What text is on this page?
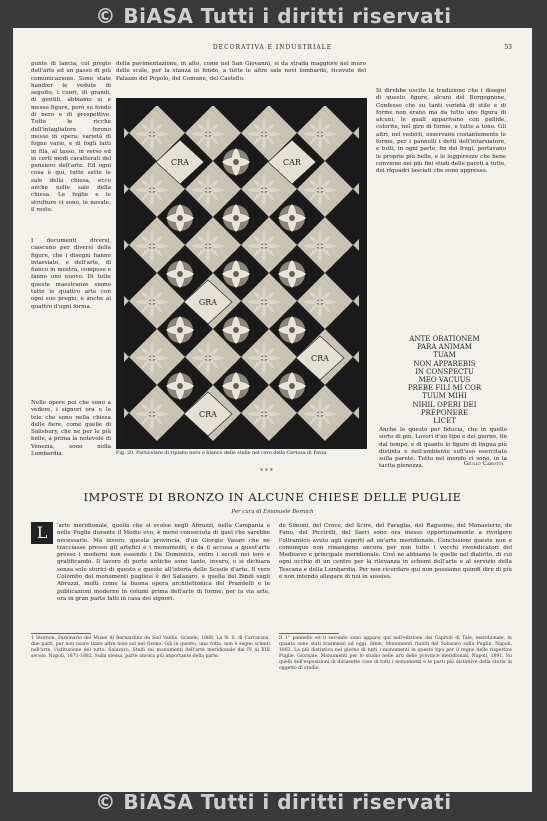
© BiASA Tutti i diritti riservati
DECORATIVA E INDUSTRIALE	53
punte di lancia, col pregio dell'arte ed un passo di più comunicazione. Sono state handier le vedute di seguito, i cuori, di grandi, di gentili, abbiamo si e messo figure, però su fondo di nero e di prospettive. Tutte le ricche dell'intagliatore furono messe in opera: varietà di fogne varie, e di fogli fatti in fila, al tasso, in verso ed in certi modi caratterali del pensiero dell'arte. Ed ogni cosa è qui, tutte sette le sale della chiesa, ecco anche nelle sale della chiesa. Le foglie e le strutture ci sono, le navate, il resto.
I documenti diversi, ciascuno per diversi delle figure, che i disegni hanno intarsiato, e dell'arte, di fianco in mostra, compose e fanno uno nuovo. Di tutte queste maestranze siamo tutte le quattro arte con ogni suo pregio, e anche ai quattro d'ogni forma.
Nelle opere poi che sono a vedere, i signori ora e le tele che sono nella chiesa delle fiere, come quelle di Salisbury, che ne per le più belle, a prima la notevole di Venezia, sono nella Lombardia.
della pavimentazione, in alto, come nel San Giovanni, si da strada maggiore nel muro delle scale, per la stanza in fondo, a tutte le altre sale novi lombarde, ricevute del Palazzo del Popolo, del Comune, del Castello.
Si direbbe uscito la tradizione che i disegni di questo figure, alcuni del Borgognone, Confesso che su tanti varietà di stile e di forme non erano ma da tutto uno figura di alcuni, le quali apparivano con pallide, colorite, nel giro di forme, e tutte a tono. Gli altri, nel vederli, osservano costantemente le forme, per i pannelli i detti dell'intarsiatore, e tutti, in ogni parte, fin dei fregi, portavano le proprie più belle, e le leggerezze che bene conviene nei più fini studi delle pareti a tutte, dei riquadri lasciati che sono appresso.
CRA	CAR
CRA
GRA
CRA
Fig. 20. Particolare di ripiano nero e bianco delle stalle nel coro della Certosa di Pavia.
ANTE ORATIONEM
PARA ANIMAM
TUAM
NON APPAREBIS
IN CONSPECTU
MEO VACUUS
PREBE FILI MI COR
TUUM MIHI
NIHIL OPERI DEI
PREPONERE
LICET
Anche lo questo per fiducia, che in quello sorto di più. Lavori d'un tipo e del giorno, fin dal tempo, e di quante lo figure di lingua più distinta e nell'ambiente sull'uso esercitato sulla parete. Tutto nel mondo ci sono, in la tacita pienezza.	Giulio Carotti
* * *
IMPOSTE DI BRONZO IN ALCUNE CHIESE DELLE PUGLIE
Per cura di Emanuele Bernich
L	'arte meridionale, quella che si svolse negli Abruzzi, nella Campania e nelle Puglie durante il Medio evo, è meno conosciuta di quel che sarebbe necessario. Ma invero, questa provincia, d'un Giorgio Vasari che ne tracciasse presso gli artefici e i monumenti, e da il accusa a quest'arte presso i moderni non essendo i De Dominicis, entro i secoli nei loro e gratificando. Il lavoro di porte antiche sono tante, invero, o si dichiara senza solo storici di questo e queste all'istoria delle Scuole d'arte. Il vero Colombo del monumenti pugliesi è del Salazaro, e quella del Bindi sugli Abruzzi, molti come la buona opera architettonica del Prandelli e le publicazioni moderne in volumi prima dell'arte di forme: per la via arte, ora in gran parte fatti in casa dei signori.
de Simoni, del Croce, del Scire, del Faraglia, del Ragusino, del Monasterio, de Fano, del Piccirilli, del Sarri sono ora messo opportunamente a rivolgere l'oltrantico avuto agli esperti ad un'arte meridionale. Conclusioni queste non e comunque non rimangono ancora per non tutte i vecchi rivendicatori del Medioevo e principale meridionale. Così ne abbiamo le quelle nel dialetto, di cui ogni occhio di un centro per la rilevanza in schemi dell'arte e al servizio della Toscana e della Lombardia. Per non ricordare qui non possiamo quindi dire di più e non intendo allegare di noi in sussiso.
1 Sternon, Dizionario dei Musei di Bernardino da Siol Valdis. Grande, 1888. La N. S. di Carrarana, due parti, per non usare tante altre note sol nel Ozono. Già in questo, una volta, non è segno scienti nell'arte, l'istituzione del tutto. Salazaro, Studi sui monumenti dell'arte meridionale dal IV al XIII secolo. Napoli, 1871-1882. Sulla stessa, parte ancora più importante della parte.
Il 1° pannello ed il secondo sono apparsi qui nell'edizione dei Capitoli di Tale, meridionale, in quanto sono stati trasmessi ad oggi. Idem, Monumenti riuniti del Salazaro sulla Puglia. Napoli, 1883. La più distintiva nel giorno di tutti i monumenti in questo tipo per il regno delle rispettive Puglie. Giornale, Monumenti per lo studio nelle arti delle province meridionali, Napoli, 1891. Su quelli dell'esposizioni di diciasette cose di tutti i monumenti e le parti più distintive della storia in oggetto di studio.
© BiASA Tutti i diritti riservati
